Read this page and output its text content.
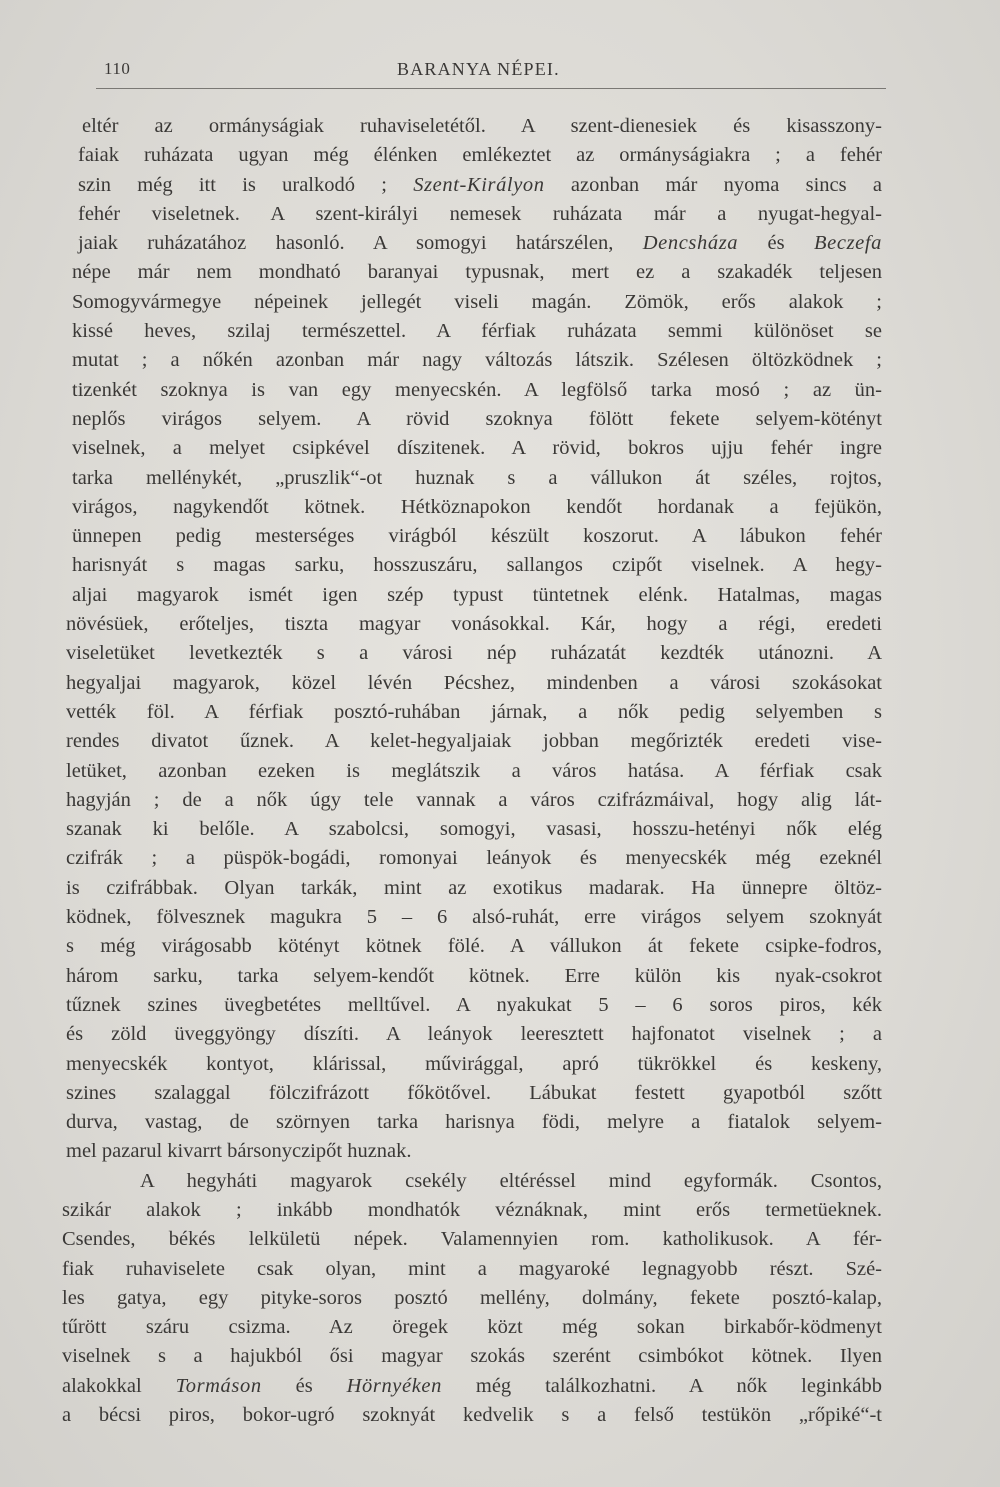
110	BARANYA NÉPEI.
eltér az ormányságiak ruhaviseletétől. A szent-dienesiek és kisasszony-
faiak ruházata ugyan még élénken emlékeztet az ormányságiakra ; a fehér
szin még itt is uralkodó ; Szent-Királyon azonban már nyoma sincs a
fehér viseletnek. A szent-királyi nemesek ruházata már a nyugat-hegyal-
jaiak ruházatához hasonló. A somogyi határszélen, Dencsháza és Beczefa
népe már nem mondható baranyai typusnak, mert ez a szakadék teljesen
Somogyvármegye népeinek jellegét viseli magán. Zömök, erős alakok ;
kissé heves, szilaj természettel. A férfiak ruházata semmi különöset se
mutat ; a nőkén azonban már nagy változás látszik. Szélesen öltözködnek ;
tizenkét szoknya is van egy menyecskén. A legfölső tarka mosó ; az ün-
neplős virágos selyem. A rövid szoknya fölött fekete selyem-kötényt
viselnek, a melyet csipkével díszitenek. A rövid, bokros ujju fehér ingre
tarka mellénykét, „pruszlik“-ot huznak s a vállukon át széles, rojtos,
virágos, nagykendőt kötnek. Hétköznapokon kendőt hordanak a fejükön,
ünnepen pedig mesterséges virágból készült koszorut. A lábukon fehér
harisnyát s magas sarku, hosszuszáru, sallangos czipőt viselnek. A hegy-
aljai magyarok ismét igen szép typust tüntetnek elénk. Hatalmas, magas
növésüek, erőteljes, tiszta magyar vonásokkal. Kár, hogy a régi, eredeti
viseletüket levetkezték s a városi nép ruházatát kezdték utánozni. A
hegyaljai magyarok, közel lévén Pécshez, mindenben a városi szokásokat
vették föl. A férfiak posztó-ruhában járnak, a nők pedig selyemben s
rendes divatot űznek. A kelet-hegyaljaiak jobban megőrizték eredeti vise-
letüket, azonban ezeken is meglátszik a város hatása. A férfiak csak
hagyján ; de a nők úgy tele vannak a város czifrázmáival, hogy alig lát-
szanak ki belőle. A szabolcsi, somogyi, vasasi, hosszu-hetényi nők elég
czifrák ; a püspök-bogádi, romonyai leányok és menyecskék még ezeknél
is czifrábbak. Olyan tarkák, mint az exotikus madarak. Ha ünnepre öltöz-
ködnek, fölvesznek magukra 5 – 6 alsó-ruhát, erre virágos selyem szoknyát
s még virágosabb kötényt kötnek fölé. A vállukon át fekete csipke-fodros,
három sarku, tarka selyem-kendőt kötnek. Erre külön kis nyak-csokrot
tűznek szines üvegbetétes melltűvel. A nyakukat 5 – 6 soros piros, kék
és zöld üveggyöngy díszíti. A leányok leeresztett hajfonatot viselnek ; a
menyecskék kontyot, klárissal, művirággal, apró tükrökkel és keskeny,
szines szalaggal fölczifrázott főkötővel. Lábukat festett gyapotból szőtt
durva, vastag, de szörnyen tarka harisnya födi, melyre a fiatalok selyem-
mel pazarul kivarrt bársonyczipőt huznak.
A hegyháti magyarok csekély eltéréssel mind egyformák. Csontos,
szikár alakok ; inkább mondhatók véznáknak, mint erős termetüeknek.
Csendes, békés lelkületü népek. Valamennyien rom. katholikusok. A fér-
fiak ruhaviselete csak olyan, mint a magyaroké legnagyobb részt. Szé-
les gatya, egy pityke-soros posztó mellény, dolmány, fekete posztó-kalap,
tűrött száru csizma. Az öregek közt még sokan birkabőr-ködmenyt
viselnek s a hajukból ősi magyar szokás szerént csimbókot kötnek. Ilyen
alakokkal Tormáson és Hörnyéken még találkozhatni. A nők leginkább
a bécsi piros, bokor-ugró szoknyát kedvelik s a felső testükön „rőpiké“-t
